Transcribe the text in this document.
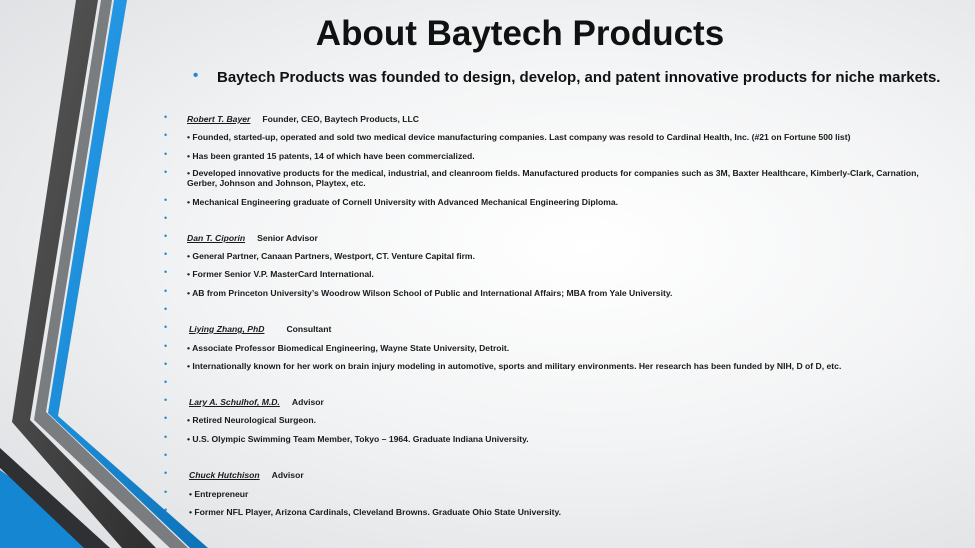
About Baytech Products
• Baytech Products was founded to design, develop, and patent innovative products for niche markets.
• Robert T. Bayer Founder, CEO, Baytech Products, LLC
• • Founded, started-up, operated and sold two medical device manufacturing companies. Last company was resold to Cardinal Health, Inc. (#21 on Fortune 500 list)
• • Has been granted 15 patents, 14 of which have been commercialized.
• • Developed innovative products for the medical, industrial, and cleanroom fields. Manufactured products for companies such as 3M, Baxter Healthcare, Kimberly-Clark, Carnation, Gerber, Johnson and Johnson, Playtex, etc.
• • Mechanical Engineering graduate of Cornell University with Advanced Mechanical Engineering Diploma.
•
• Dan T. Ciporin Senior Advisor
• • General Partner, Canaan Partners, Westport, CT. Venture Capital firm.
• • Former Senior V.P. MasterCard International.
• • AB from Princeton University’s Woodrow Wilson School of Public and International Affairs; MBA from Yale University.
•
•	Liying Zhang, PhD	Consultant
• • Associate Professor Biomedical Engineering, Wayne State University, Detroit.
• • Internationally known for her work on brain injury modeling in automotive, sports and military environments. Her research has been funded by NIH, D of D, etc.
•
•	Lary A. Schulhof, M.D. Advisor
• • Retired Neurological Surgeon.
• • U.S. Olympic Swimming Team Member, Tokyo – 1964. Graduate Indiana University.
•
•	Chuck Hutchison Advisor
•	• Entrepreneur
•	• Former NFL Player, Arizona Cardinals, Cleveland Browns. Graduate Ohio State University.
